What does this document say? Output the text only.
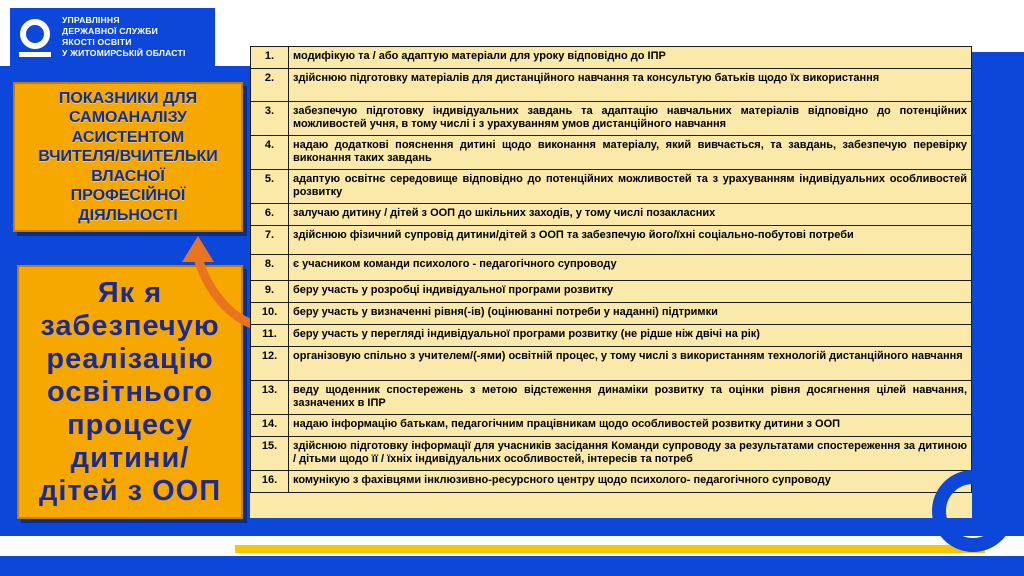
УПРАВЛІННЯ
ДЕРЖАВНОЇ СЛУЖБИ
ЯКОСТІ ОСВІТИ
У ЖИТОМИРСЬКІЙ ОБЛАСТІ
ПОКАЗНИКИ ДЛЯ
САМОАНАЛІЗУ
АСИСТЕНТОМ
ВЧИТЕЛЯ/ВЧИТЕЛЬКИ
ВЛАСНОЇ
ПРОФЕСІЙНОЇ
ДІЯЛЬНОСТІ
Як я
забезпечую
реалізацію
освітнього
процесу
дитини/
дітей з ООП
1.	модифікую та / або адаптую матеріали для уроку відповідно до ІПР
2.	здійснюю підготовку матеріалів для дистанційного навчання та консультую батьків щодо їх використання
3.	забезпечую підготовку індивідуальних завдань та адаптацію навчальних матеріалів відповідно до потенційних можливостей учня, в тому числі і з урахуванням умов дистанційного навчання
4.	надаю додаткові пояснення дитині щодо виконання матеріалу, який вивчається, та завдань, забезпечую перевірку виконання таких завдань
5.	адаптую освітнє середовище відповідно до потенційних можливостей та з урахуванням індивідуальних особливостей розвитку
6.	залучаю дитину / дітей з ООП до шкільних заходів, у тому числі позакласних
7.	здійснюю фізичний супровід дитини/дітей з ООП та забезпечую його/їхні соціально-побутові потреби
8.	є учасником команди психолого - педагогічного супроводу
9.	беру участь у розробці індивідуальної програми розвитку
10.	беру участь у визначенні рівня(-ів) (оцінюванні потреби у наданні) підтримки
11.	беру участь у перегляді індивідуальної програми розвитку (не рідше ніж двічі на рік)
12.	організовую спільно з учителем/(-ями) освітній процес, у тому числі з використанням технологій дистанційного навчання
13.	веду щоденник спостережень з метою відстеження динаміки розвитку та оцінки рівня досягнення цілей навчання, зазначених в ІПР
14.	надаю інформацію батькам, педагогічним працівникам щодо особливостей розвитку дитини з ООП
15.	здійснюю підготовку інформації для учасників засідання Команди супроводу за результатами спостереження за дитиною / дітьми щодо її / їхніх індивідуальних особливостей, інтересів та потреб
16.	комунікую з фахівцями інклюзивно-ресурсного центру щодо психолого- педагогічного супроводу
